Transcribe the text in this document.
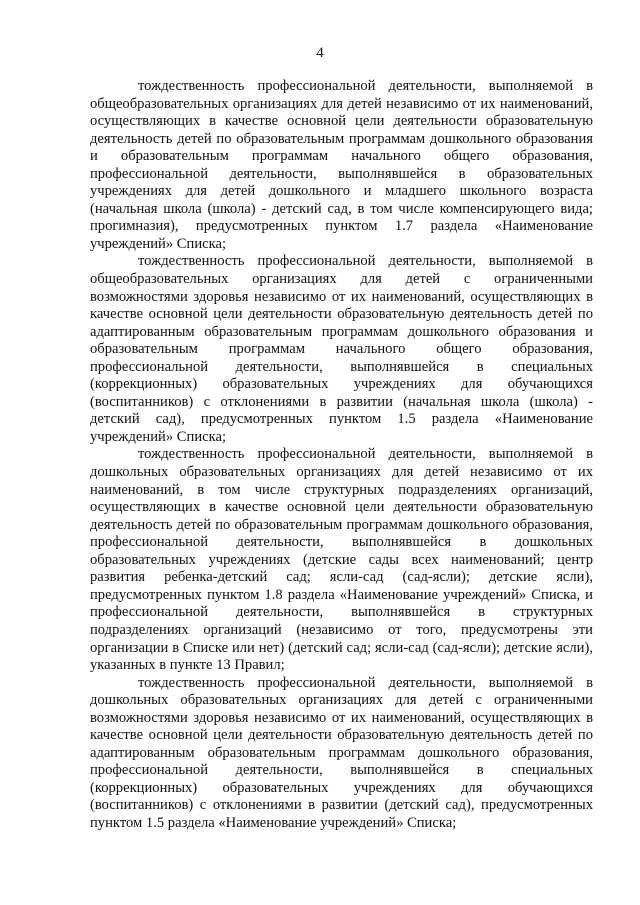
4

тождественность профессиональной деятельности, выполняемой в общеобразовательных организациях для детей независимо от их наименований, осуществляющих в качестве основной цели деятельности образовательную деятельность детей по образовательным программам дошкольного образования и образовательным программам начального общего образования, профессиональной деятельности, выполнявшейся в образовательных учреждениях для детей дошкольного и младшего школьного возраста (начальная школа (школа) - детский сад, в том числе компенсирующего вида; прогимназия), предусмотренных пунктом 1.7 раздела «Наименование учреждений» Списка;

тождественность профессиональной деятельности, выполняемой в общеобразовательных организациях для детей с ограниченными возможностями здоровья независимо от их наименований, осуществляющих в качестве основной цели деятельности образовательную деятельность детей по адаптированным образовательным программам дошкольного образования и образовательным программам начального общего образования, профессиональной деятельности, выполнявшейся в специальных (коррекционных) образовательных учреждениях для обучающихся (воспитанников) с отклонениями в развитии (начальная школа (школа) - детский сад), предусмотренных пунктом 1.5 раздела «Наименование учреждений» Списка;

тождественность профессиональной деятельности, выполняемой в дошкольных образовательных организациях для детей независимо от их наименований, в том числе структурных подразделениях организаций, осуществляющих в качестве основной цели деятельности образовательную деятельность детей по образовательным программам дошкольного образования, профессиональной деятельности, выполнявшейся в дошкольных образовательных учреждениях (детские сады всех наименований; центр развития ребенка-детский сад; ясли-сад (сад-ясли); детские ясли), предусмотренных пунктом 1.8 раздела «Наименование учреждений» Списка, и профессиональной деятельности, выполнявшейся в структурных подразделениях организаций (независимо от того, предусмотрены эти организации в Списке или нет) (детский сад; ясли-сад (сад-ясли); детские ясли), указанных в пункте 13 Правил;

тождественность профессиональной деятельности, выполняемой в дошкольных образовательных организациях для детей с ограниченными возможностями здоровья независимо от их наименований, осуществляющих в качестве основной цели деятельности образовательную деятельность детей по адаптированным образовательным программам дошкольного образования, профессиональной деятельности, выполнявшейся в специальных (коррекционных) образовательных учреждениях для обучающихся (воспитанников) с отклонениями в развитии (детский сад), предусмотренных пунктом 1.5 раздела «Наименование учреждений» Списка;
